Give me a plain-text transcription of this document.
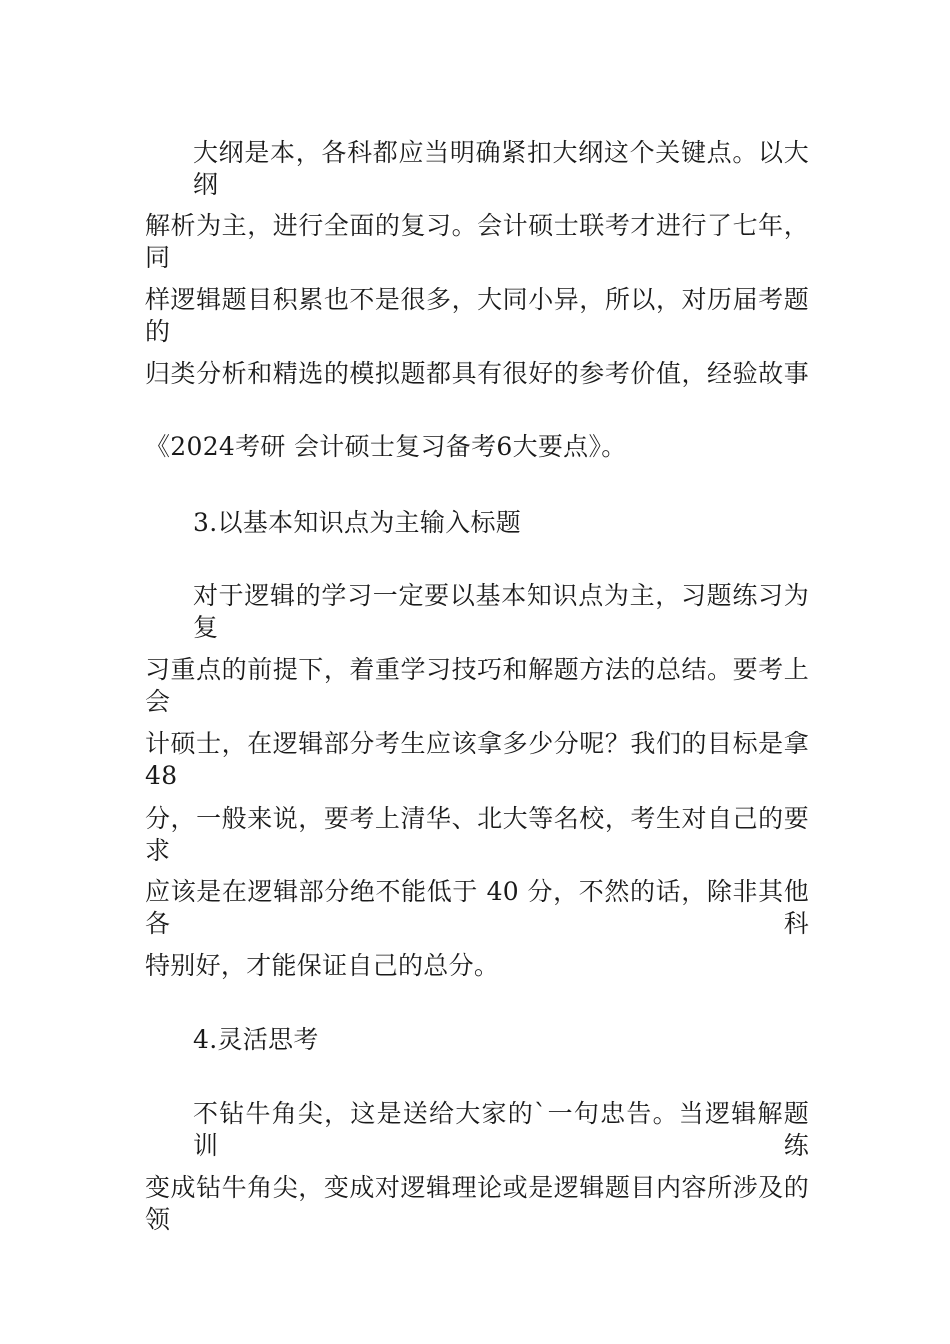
大纲是本，各科都应当明确紧扣大纲这个关键点。以大纲
解析为主，进行全面的复习。会计硕士联考才进行了七年，同
样逻辑题目积累也不是很多，大同小异，所以，对历届考题的
归类分析和精选的模拟题都具有很好的参考价值，经验故事
《2024考研 会计硕士复习备考6大要点》。
3.以基本知识点为主输入标题
对于逻辑的学习一定要以基本知识点为主，习题练习为复
习重点的前提下，着重学习技巧和解题方法的总结。要考上会
计硕士，在逻辑部分考生应该拿多少分呢？我们的目标是拿 48
分，一般来说，要考上清华、北大等名校，考生对自己的要求
应该是在逻辑部分绝不能低于 40 分，不然的话，除非其他各科
特别好，才能保证自己的总分。
4.灵活思考
不钻牛角尖，这是送给大家的`一句忠告。当逻辑解题训练
变成钻牛角尖，变成对逻辑理论或是逻辑题目内容所涉及的领
